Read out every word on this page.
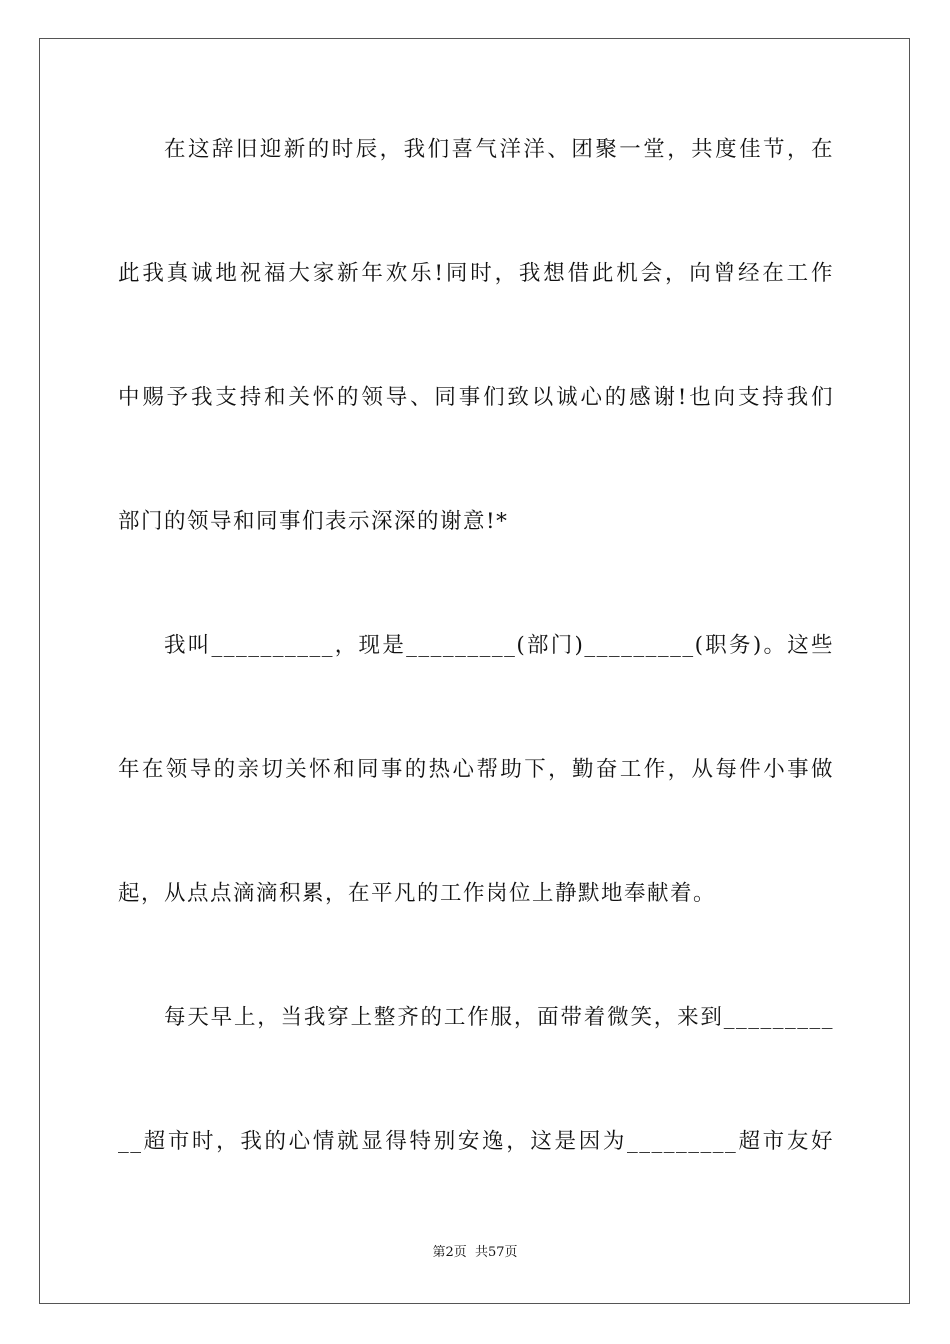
在这辞旧迎新的时辰，我们喜气洋洋、团聚一堂，共度佳节，在
此我真诚地祝福大家新年欢乐!同时，我想借此机会，向曾经在工作
中赐予我支持和关怀的领导、同事们致以诚心的感谢!也向支持我们
部门的领导和同事们表示深深的谢意!*
我叫__________，现是_________(部门)_________(职务)。这些
年在领导的亲切关怀和同事的热心帮助下，勤奋工作，从每件小事做
起，从点点滴滴积累，在平凡的工作岗位上静默地奉献着。
每天早上，当我穿上整齐的工作服，面带着微笑，来到_________
__超市时，我的心情就显得特别安逸，这是因为_________超市友好
第2页 共57页
